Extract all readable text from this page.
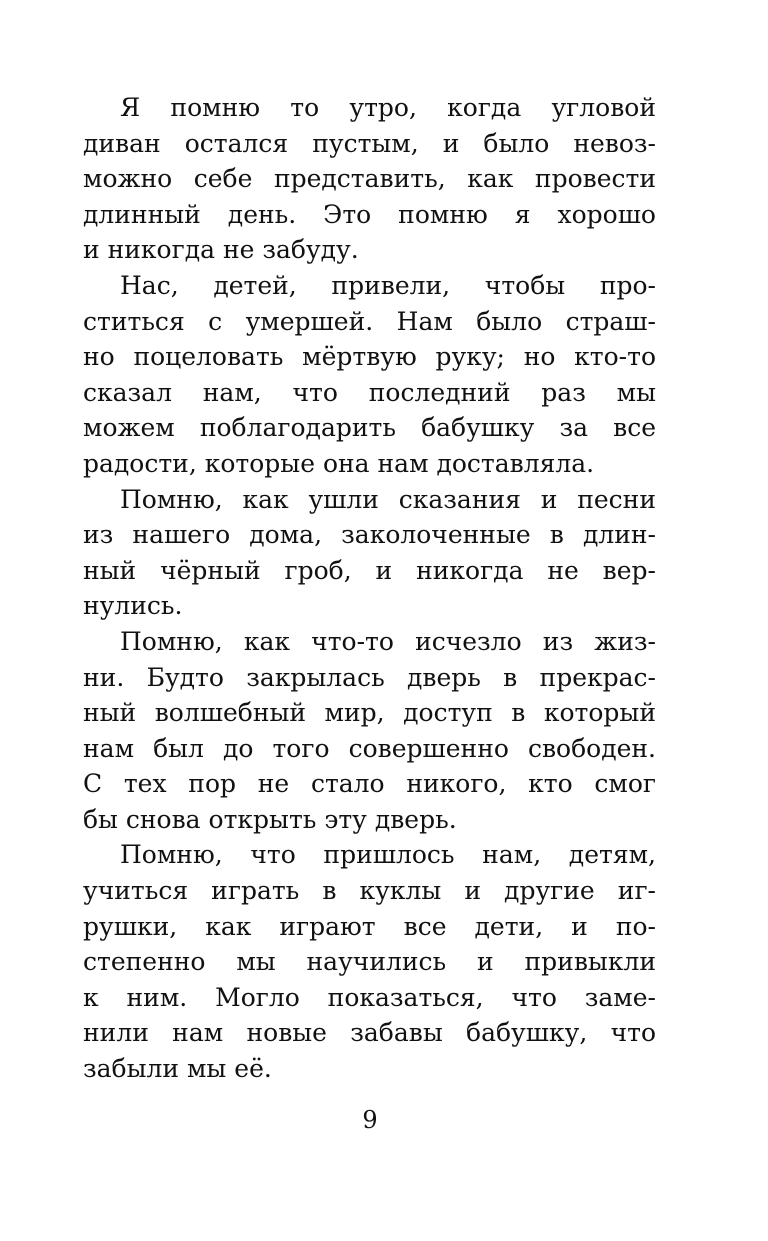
Я помню то утро, когда угловой
диван остался пустым, и было невоз-
можно себе представить, как провести
длинный день. Это помню я хорошо
и никогда не забуду.
Нас, детей, привели, чтобы про-
ститься с умершей. Нам было страш-
но поцеловать мёртвую руку; но кто-то
сказал нам, что последний раз мы
можем поблагодарить бабушку за все
радости, которые она нам доставляла.
Помню, как ушли сказания и песни
из нашего дома, заколоченные в длин-
ный чёрный гроб, и никогда не вер-
нулись.
Помню, как что-то исчезло из жиз-
ни. Будто закрылась дверь в прекрас-
ный волшебный мир, доступ в который
нам был до того совершенно свободен.
С тех пор не стало никого, кто смог
бы снова открыть эту дверь.
Помню, что пришлось нам, детям,
учиться играть в куклы и другие иг-
рушки, как играют все дети, и по-
степенно мы научились и привыкли
к ним. Могло показаться, что заме-
нили нам новые забавы бабушку, что
забыли мы её.
9
